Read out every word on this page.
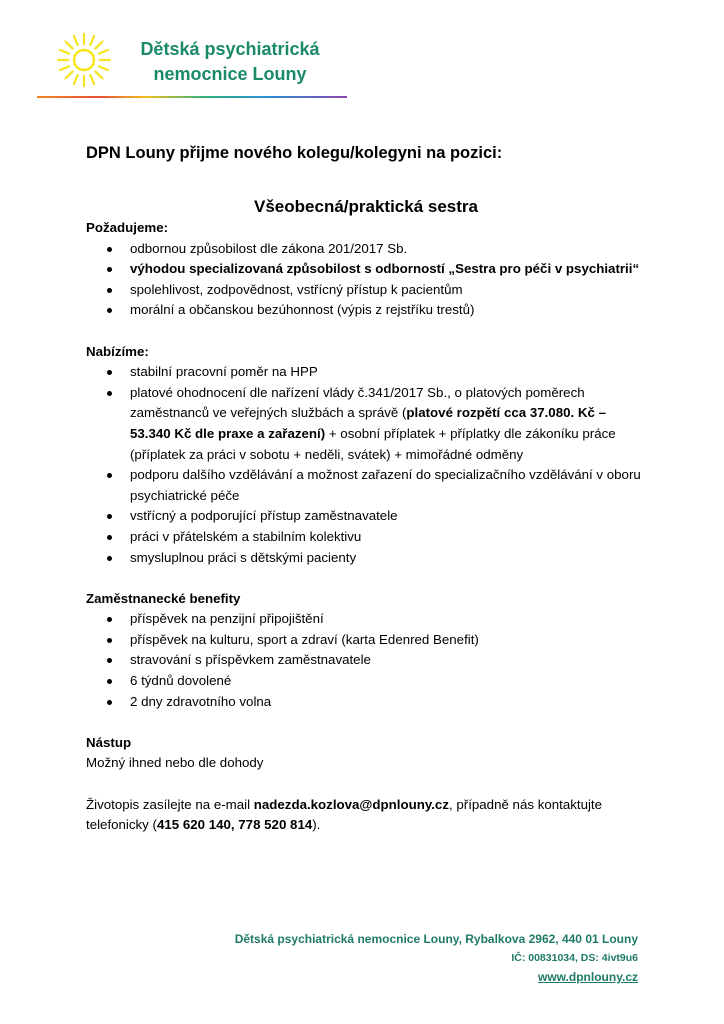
Dětská psychiatrická
nemocnice Louny

DPN Louny přijme nového kolegu/kolegyni na pozici:

Všeobecná/praktická sestra

Požadujeme:

odbornou způsobilost dle zákona 201/2017 Sb.
výhodou specializovaná způsobilost s odborností „Sestra pro péči v psychiatrii“
spolehlivost, zodpovědnost, vstřícný přístup k pacientům
morální a občanskou bezúhonnost (výpis z rejstříku trestů)

Nabízíme:

stabilní pracovní poměr na HPP
platové ohodnocení dle nařízení vlády č.341/2017 Sb., o platových poměrech zaměstnanců ve veřejných službách a správě (platové rozpětí cca 37.080. Kč – 53.340 Kč dle praxe a zařazení) + osobní příplatek + příplatky dle zákoníku práce (příplatek za práci v sobotu + neděli, svátek) + mimořádné odměny
podporu dalšího vzdělávání a možnost zařazení do specializačního vzdělávání v oboru psychiatrické péče
vstřícný a podporující přístup zaměstnavatele
práci v přátelském a stabilním kolektivu
smysluplnou práci s dětskými pacienty

Zaměstnanecké benefity

příspěvek na penzijní připojištění
příspěvek na kulturu, sport a zdraví (karta Edenred Benefit)
stravování s příspěvkem zaměstnavatele
6 týdnů dovolené
2 dny zdravotního volna

Nástup

Možný ihned nebo dle dohody

Životopis zasílejte na e-mail nadezda.kozlova@dpnlouny.cz, případně nás kontaktujte telefonicky (415 620 140, 778 520 814).

Dětská psychiatrická nemocnice Louny, Rybalkova 2962, 440 01 Louny
IČ: 00831034, DS: 4ivt9u6
www.dpnlouny.cz
